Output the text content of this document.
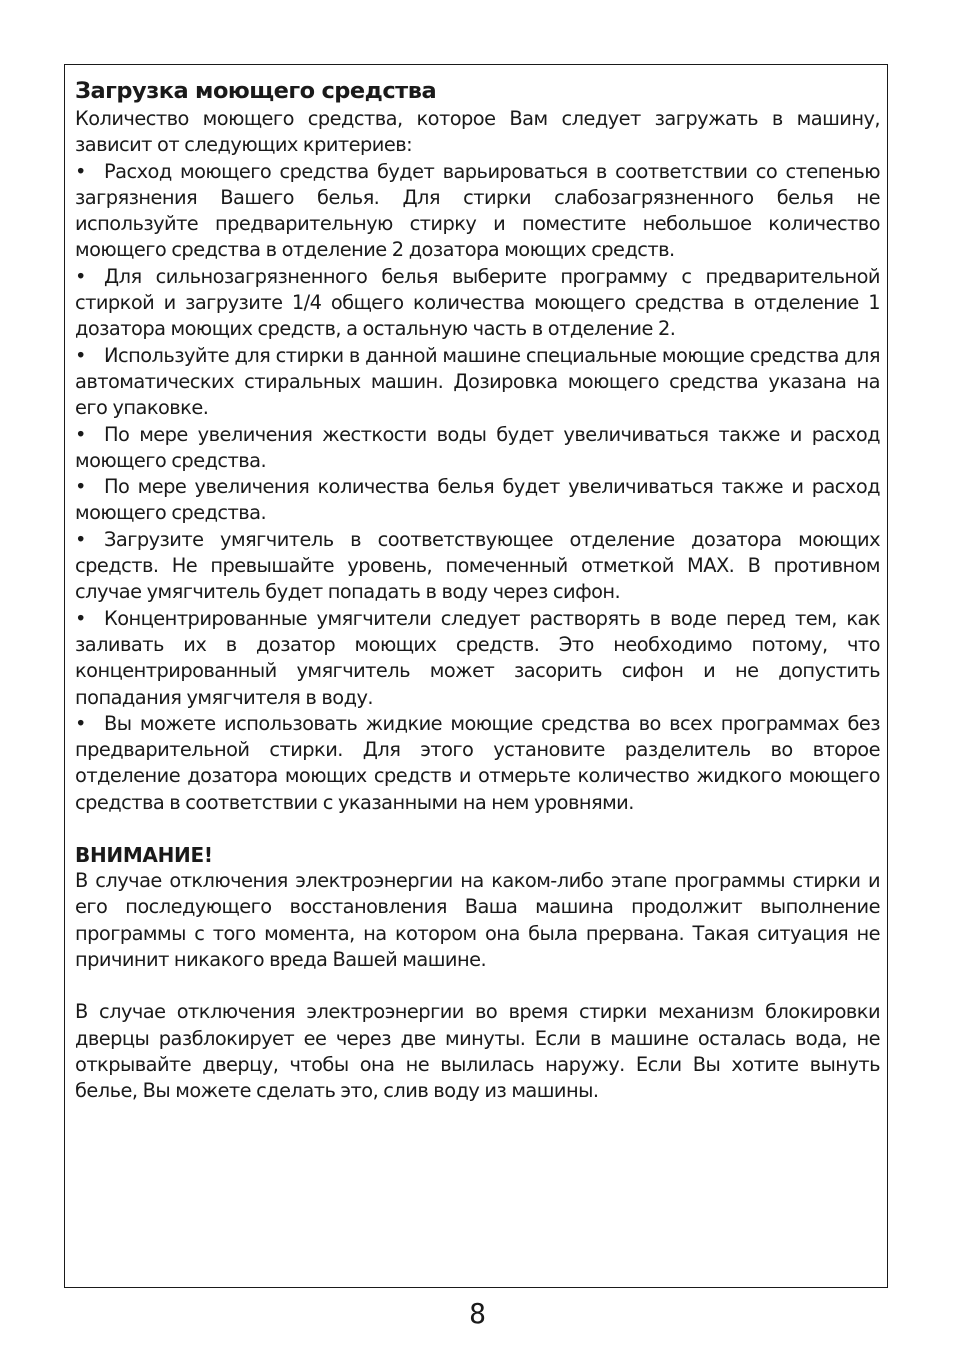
Загрузка моющего средства

Количество моющего средства, которое Вам следует загружать в машину, зависит от следующих критериев:

• Расход моющего средства будет варьироваться в соответствии со степенью загрязнения Вашего белья. Для стирки слабозагрязненного белья не используйте предварительную стирку и поместите небольшое количество моющего средства в отделение 2 дозатора моющих средств.

• Для сильнозагрязненного белья выберите программу с предварительной стиркой и загрузите 1/4 общего количества моющего средства в отделение 1 дозатора моющих средств, а остальную часть в отделение 2.

• Используйте для стирки в данной машине специальные моющие средства для автоматических стиральных машин. Дозировка моющего средства указана на его упаковке.

• По мере увеличения жесткости воды будет увеличиваться также и расход моющего средства.

• По мере увеличения количества белья будет увеличиваться также и расход моющего средства.

• Загрузите умягчитель в соответствующее отделение дозатора моющих средств. Не превышайте уровень, помеченный отметкой MAX. В противном случае умягчитель будет попадать в воду через сифон.

• Концентрированные умягчители следует растворять в воде перед тем, как заливать их в дозатор моющих средств. Это необходимо потому, что концентрированный умягчитель может засорить сифон и не допустить попадания умягчителя в воду.

• Вы можете использовать жидкие моющие средства во всех программах без предварительной стирки. Для этого установите разделитель во второе отделение дозатора моющих средств и отмерьте количество жидкого моющего средства в соответствии с указанными на нем уровнями.

ВНИМАНИЕ!

В случае отключения электроэнергии на каком-либо этапе программы стирки и его последующего восстановления Ваша машина продолжит выполнение программы с того момента, на котором она была прервана. Такая ситуация не причинит никакого вреда Вашей машине.

В случае отключения электроэнергии во время стирки механизм блокировки дверцы разблокирует ее через две минуты. Если в машине осталась вода, не открывайте дверцу, чтобы она не вылилась наружу. Если Вы хотите вынуть белье, Вы можете сделать это, слив воду из машины.

8
